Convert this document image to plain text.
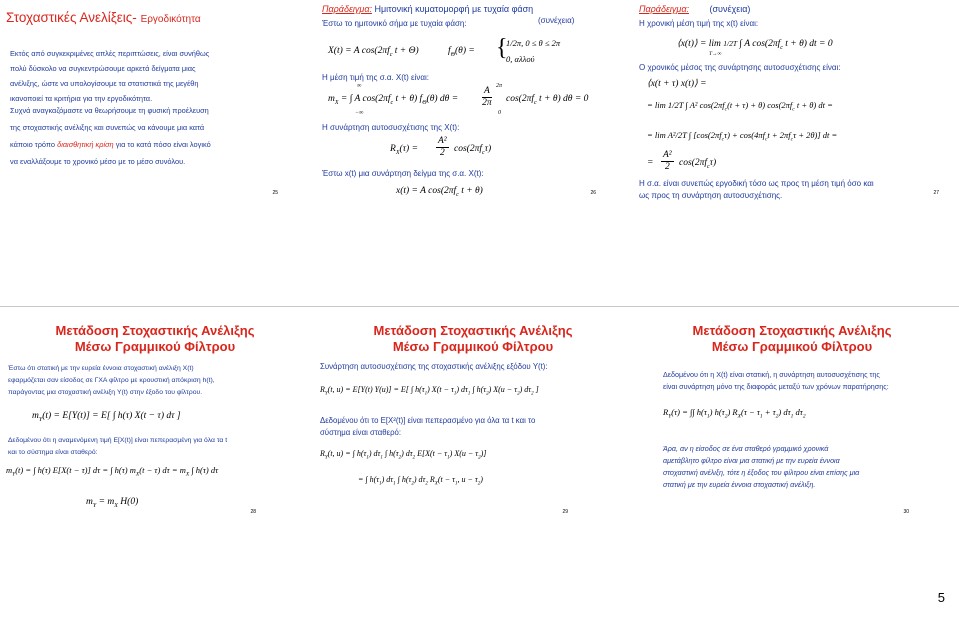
Στοχαστικές Ανελίξεις- Εργοδικότητα
Εκτός από συγκεκριμένες απλές περιπτώσεις, είναι συνήθως
πολύ δύσκολο να συγκεντρώσουμε αρκετά δείγματα μιας
ανέλιξης, ώστε να υπολογίσουμε τα στατιστικά της μεγέθη
ικανοποιεί τα κριτήρια για την εργοδικότητα.
Συχνά αναγκαζόμαστε να θεωρήσουμε τη φυσική προέλευση
της στοχαστικής ανέλιξης και συνεπώς να κάνουμε μια κατά
κάποιο τρόπο διαισθητική κρίση για το κατά πόσο είναι λογικό
να εναλλάξουμε το χρονικό μέσο με το μέσο συνόλου.
25
Παράδειγμα: Ημιτονική κυματομορφή με τυχαία φάση
(συνέχεια)
Έστω το ημιτονικό σήμα με τυχαία φάση:
X(t) = A $\cos(2\pi f_c$ t + Θ)	$f_\Theta(\theta)$ = {
1/2π, 0 ≤ θ ≤ 2π
0, αλλού
Η μέση τιμή της σ.α. X(t) είναι:
∞
−∞
2π
0
$m_X$ = ∫ A $\cos(2\pi f_c$ t + θ) $f_\Theta(\theta) d\theta$ =
A
2π $\cos(2\pi f_c$ t + θ) dθ = 0
Η συνάρτηση αυτοσυσχέτισης της X(t):
$R_X(\tau)$ =
A²
2 $\cos(2\pi f_c\tau)$
Έστω x(t) μια συνάρτηση δείγμα της σ.α. X(t):
x(t) = A $\cos(2\pi f_c$ t + θ)	26
Παράδειγμα: (συνέχεια)
Η χρονική μέση τιμή της x(t) είναι:
⟨x(t)⟩ = lim 1/2T ∫ A $\cos(2\pi f_c$ t + θ) dt = 0
T→∞
Ο χρονικός μέσος της συνάρτησης αυτοσυσχέτισης είναι:
⟨x(t + τ) x(t)⟩ =
= lim 1/2T ∫ A² $\cos(2\pi f_c(t + \tau) + \theta)$ $\cos(2\pi f_c$ t + θ) dt =
= lim A²/2T ∫ $[\cos(2\pi f_c\tau) + \cos(4\pi f_ct + 2\pi f_c\tau + 2\theta)]$ dt =
=
A²
2 $\cos(2\pi f_c\tau)$
Η σ.α. είναι συνεπώς εργοδική τόσο ως προς τη μέση τιμή όσο και
ως προς τη συνάρτηση αυτοσυσχέτισης.	27
Μετάδοση Στοχαστικής Ανέλιξης
Μέσω Γραμμικού Φίλτρου
Έστω ότι στατική με την ευρεία έννοια στοχαστική ανέλιξη X(t)
εφαρμόζεται σαν είσοδος σε ΓΧΑ φίλτρο με κρουστική απόκριση h(t),
παράγοντας μια στοχαστική ανέλιξη Y(t) στην έξοδο του φίλτρου.
$m_Y(t) = E[Y(t)] = E$[ ∫ h(τ) X(t − τ) dτ ]
Δεδομένου ότι η αναμενόμενη τιμή E[X(t)] είναι πεπερασμένη για όλα τα t
και το σύστημα είναι σταθερό:
$m_Y(t)$ = ∫ h(τ) E[X(t − τ)] dτ = ∫ h(τ) $m_X(t - \tau) d\tau = m_X$ ∫ h(τ) dτ
$m_Y = m_X$ H(0)
28
Μετάδοση Στοχαστικής Ανέλιξης
Μέσω Γραμμικού Φίλτρου
Συνάρτηση αυτοσυσχέτισης της στοχαστικής ανέλιξης εξόδου Y(t):
$R_Y(t$, u) = E[Y(t) Y(u)] = E[ ∫ $h(\tau_1) X(t - \tau_1)$ $d\tau_1$ ∫ $h(\tau_2) X(u - \tau_2)$ $d\tau_2$ ]
Δεδομένου ότι το E[X²(t)] είναι πεπερασμένο για όλα τα t και το
σύστημα είναι σταθερό:
$R_Y(t$, u) = ∫ $h(\tau_1)$ $d\tau_1$ ∫ $h(\tau_2)$ $d\tau_2$ $E[X(t - \tau_1)$ $X(u - \tau_2)$]
= ∫ $h(\tau_1)$ $d\tau_1$ ∫ $h(\tau_2)$ $d\tau_2$ $R_X(t - \tau_1$, $u - \tau_2$)
29
Μετάδοση Στοχαστικής Ανέλιξης
Μέσω Γραμμικού Φίλτρου
Δεδομένου ότι η X(t) είναι στατική, η συνάρτηση αυτοσυσχέτισης της
είναι συνάρτηση μόνο της διαφοράς μεταξύ των χρόνων παρατήρησης:
$R_Y(\tau)$ = ∫∫ $h(\tau_1)$ $h(\tau_2) R_X(\tau - \tau_1 + \tau_2)$ $d\tau_1$ $d\tau_2$
Άρα, αν η είσοδος σε ένα σταθερό γραμμικό χρονικά
αμετάβλητο φίλτρο είναι μια στατική με την ευρεία έννοια
στοχαστική ανέλιξη, τότε η έξοδος του φίλτρου είναι επίσης μια
στατική με την ευρεία έννοια στοχαστική ανέλιξη.
30
5
